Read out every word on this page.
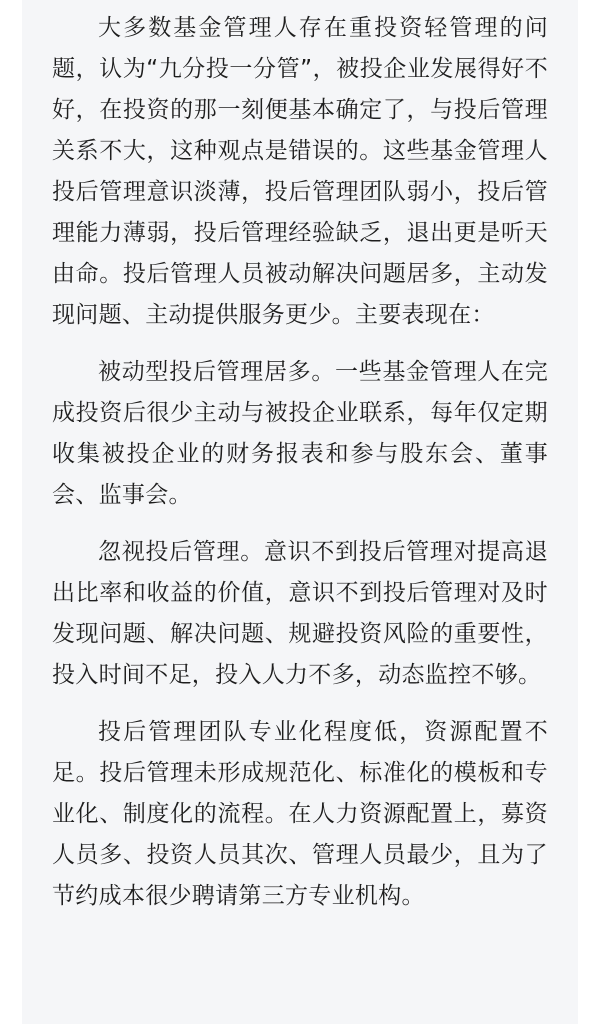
大多数基金管理人存在重投资轻管理的问题，认为“九分投一分管”，被投企业发展得好不好，在投资的那一刻便基本确定了，与投后管理关系不大，这种观点是错误的。这些基金管理人投后管理意识淡薄，投后管理团队弱小，投后管理能力薄弱，投后管理经验缺乏，退出更是听天由命。投后管理人员被动解决问题居多，主动发现问题、主动提供服务更少。主要表现在：

被动型投后管理居多。一些基金管理人在完成投资后很少主动与被投企业联系，每年仅定期收集被投企业的财务报表和参与股东会、董事会、监事会。

忽视投后管理。意识不到投后管理对提高退出比率和收益的价值，意识不到投后管理对及时发现问题、解决问题、规避投资风险的重要性，投入时间不足，投入人力不多，动态监控不够。

投后管理团队专业化程度低，资源配置不足。投后管理未形成规范化、标准化的模板和专业化、制度化的流程。在人力资源配置上，募资人员多、投资人员其次、管理人员最少，且为了节约成本很少聘请第三方专业机构。
